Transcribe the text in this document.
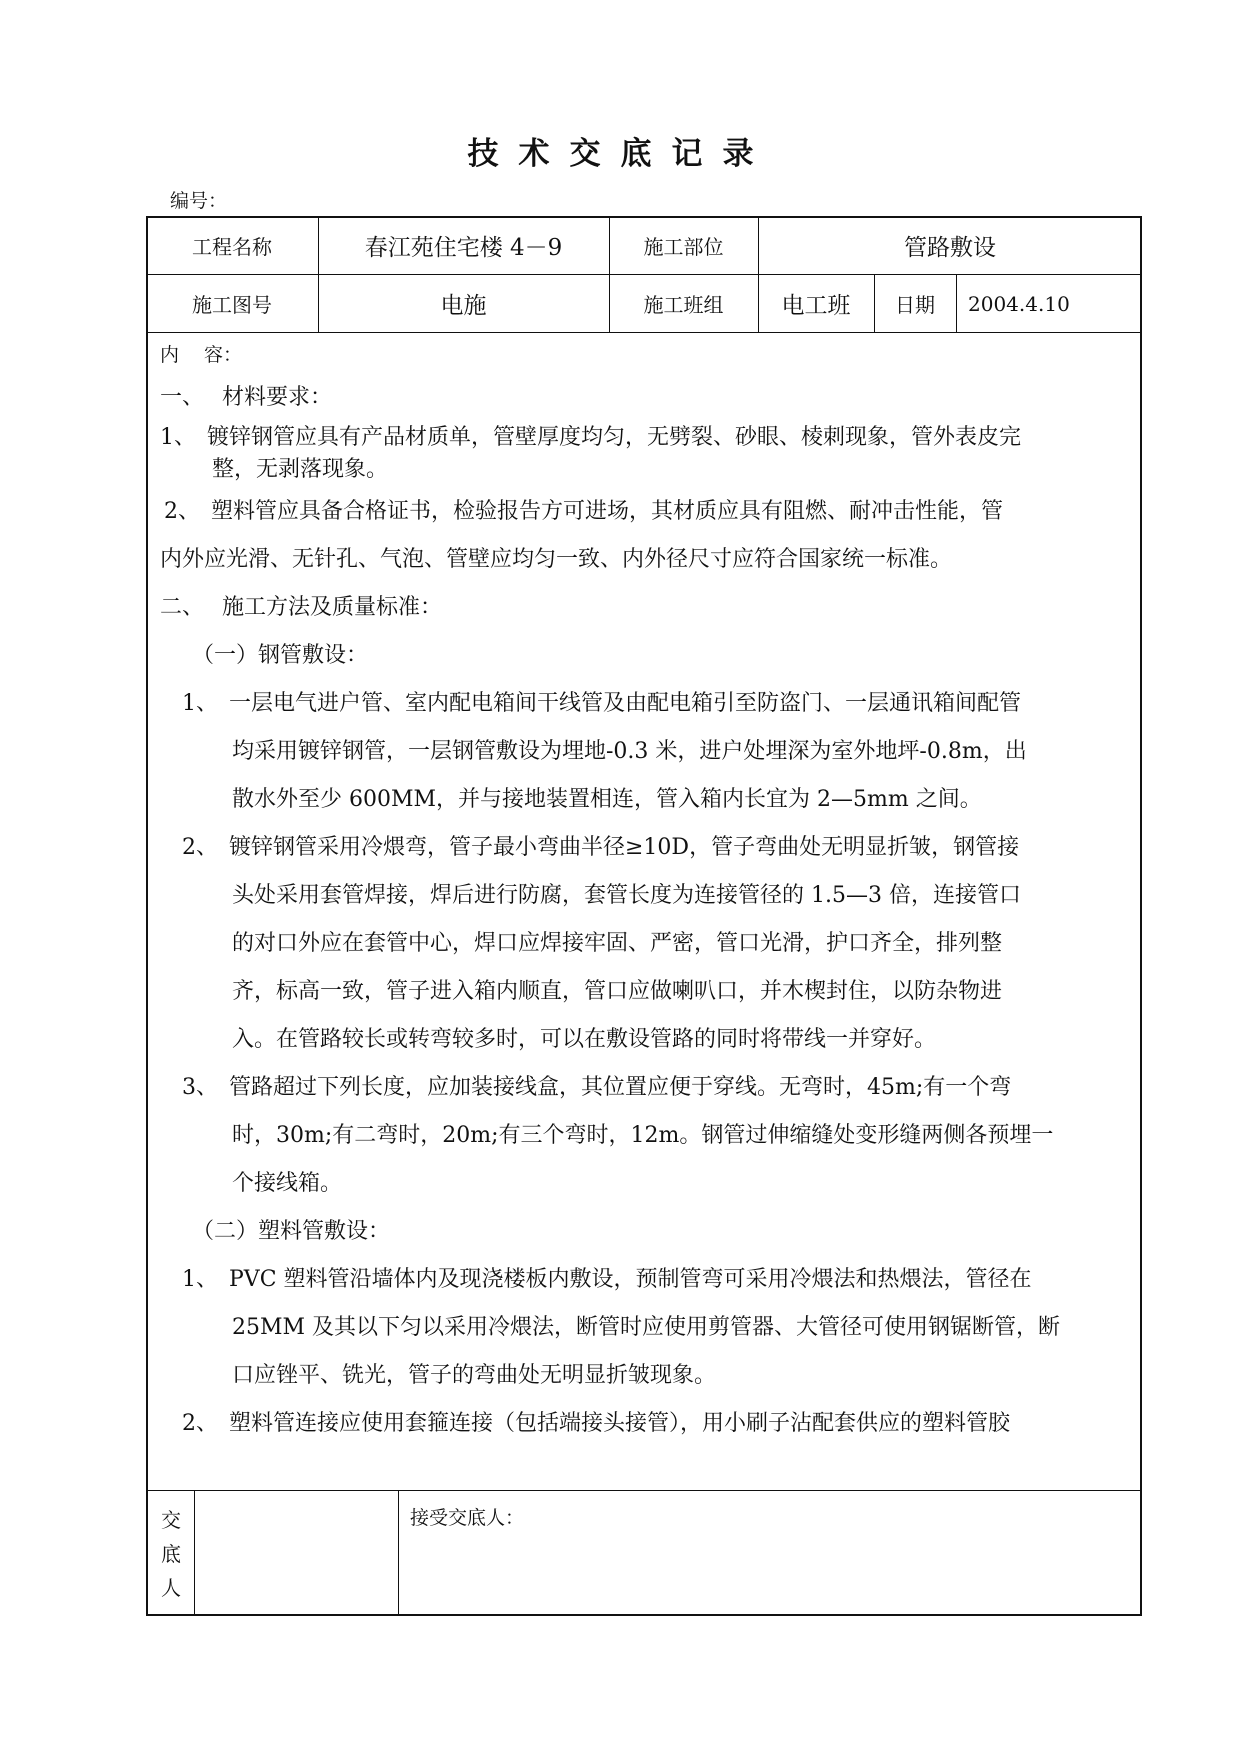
技术交底记录
编号：
工程名称	春江苑住宅楼 4－9	施工部位	管路敷设
施工图号	电施	施工班组	电工班	日期	2004.4.10
内　 容：
一、　 材料要求：
1、　镀锌钢管应具有产品材质单，管壁厚度均匀，无劈裂、砂眼、棱刺现象，管外表皮完
整，无剥落现象。
2、　塑料管应具备合格证书，检验报告方可进场，其材质应具有阻燃、耐冲击性能，管
内外应光滑、无针孔、气泡、管壁应均匀一致、内外径尺寸应符合国家统一标准。
二、　 施工方法及质量标准：
（一）钢管敷设：
1、　一层电气进户管、室内配电箱间干线管及由配电箱引至防盗门、一层通讯箱间配管
均采用镀锌钢管，一层钢管敷设为埋地-0.3 米，进户处埋深为室外地坪-0.8m，出
散水外至少 600MM，并与接地装置相连，管入箱内长宜为 2—5mm 之间。
2、　镀锌钢管采用冷煨弯，管子最小弯曲半径≥10D，管子弯曲处无明显折皱，钢管接
头处采用套管焊接，焊后进行防腐，套管长度为连接管径的 1.5—3 倍，连接管口
的对口外应在套管中心，焊口应焊接牢固、严密，管口光滑，护口齐全，排列整
齐，标高一致，管子进入箱内顺直，管口应做喇叭口，并木楔封住，以防杂物进
入。在管路较长或转弯较多时，可以在敷设管路的同时将带线一并穿好。
3、　管路超过下列长度，应加装接线盒，其位置应便于穿线。无弯时，45m;有一个弯
时，30m;有二弯时，20m;有三个弯时，12m。钢管过伸缩缝处变形缝两侧各预埋一
个接线箱。
（二）塑料管敷设：
1、　PVC 塑料管沿墙体内及现浇楼板内敷设，预制管弯可采用冷煨法和热煨法，管径在
25MM 及其以下匀以采用冷煨法，断管时应使用剪管器、大管径可使用钢锯断管，断
口应锉平、铣光，管子的弯曲处无明显折皱现象。
2、　塑料管连接应使用套箍连接（包括端接头接管），用小刷子沾配套供应的塑料管胶
交
底
人
接受交底人：
